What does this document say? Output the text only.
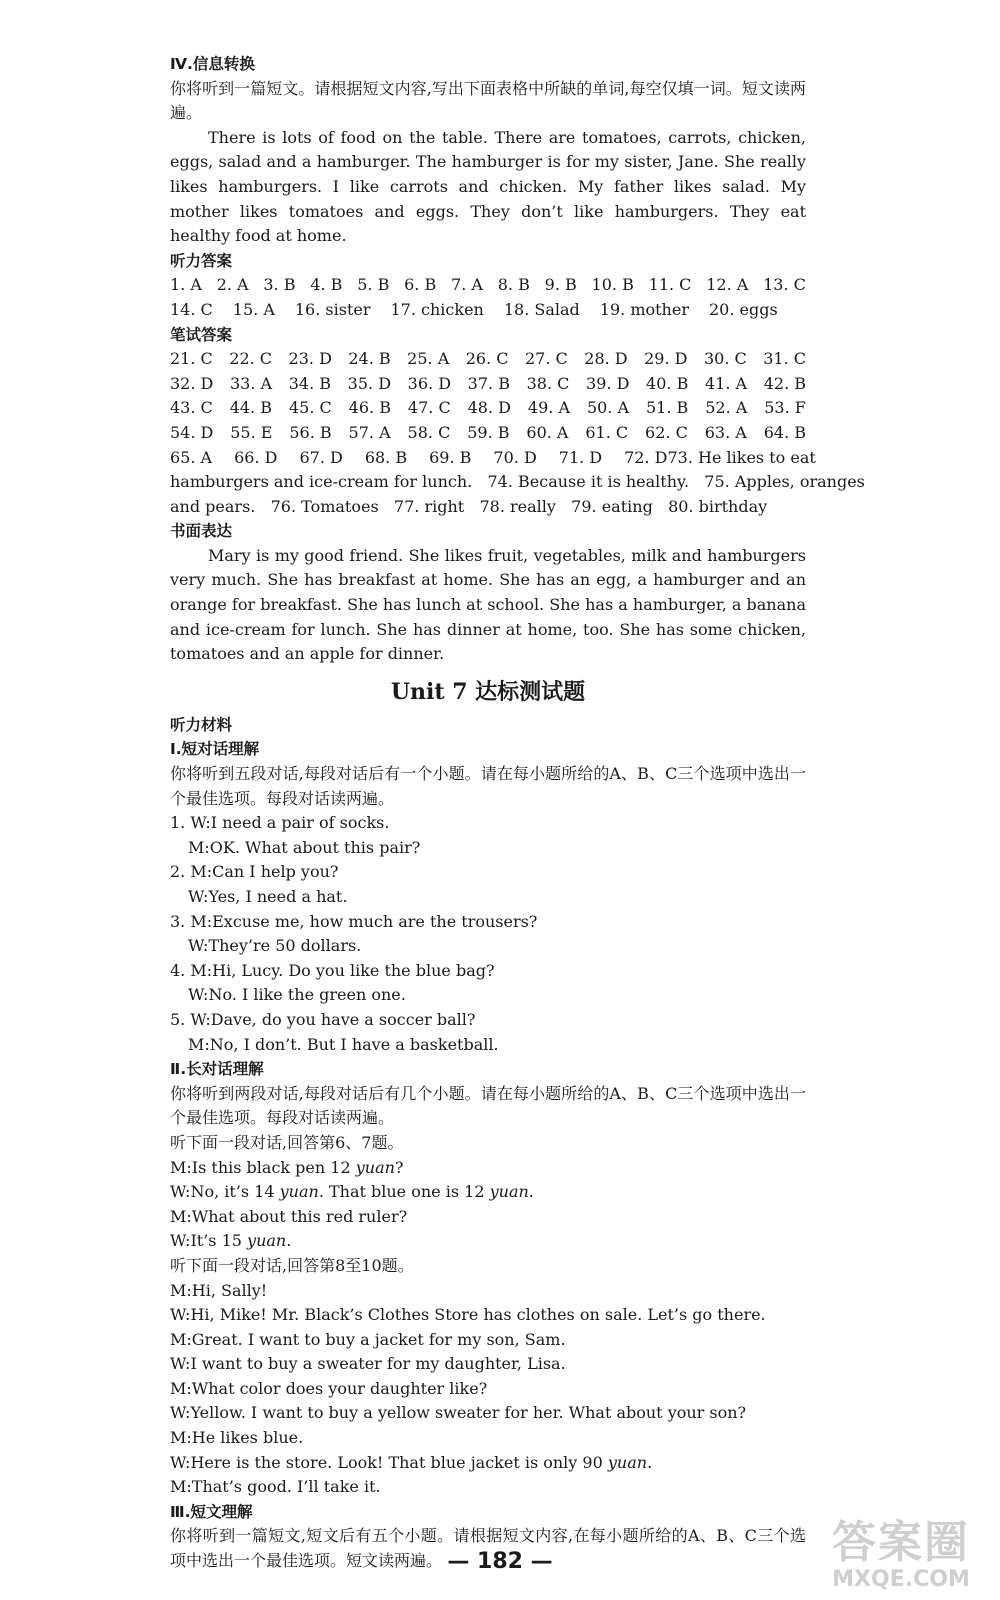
Ⅳ.信息转换

你将听到一篇短文。请根据短文内容,写出下面表格中所缺的单词,每空仅填一词。短文读两遍。

There is lots of food on the table. There are tomatoes, carrots, chicken, eggs, salad and a hamburger. The hamburger is for my sister, Jane. She really likes hamburgers. I like carrots and chicken. My father likes salad. My mother likes tomatoes and eggs. They don’t like hamburgers. They eat healthy food at home.

听力答案
1. A 2. A 3. B 4. B 5. B 6. B 7. A 8. B 9. B 10. B 11. C 12. A 13. C
14. C 15. A 16. sister 17. chicken 18. Salad 19. mother 20. eggs
笔试答案
21. C 22. C 23. D 24. B 25. A 26. C 27. C 28. D 29. D 30. C 31. C
32. D 33. A 34. B 35. D 36. D 37. B 38. C 39. D 40. B 41. A 42. B
43. C 44. B 45. C 46. B 47. C 48. D 49. A 50. A 51. B 52. A 53. F
54. D 55. E 56. B 57. A 58. C 59. B 60. A 61. C 62. C 63. A 64. B
65. A 66. D 67. D 68. B 69. B 70. D 71. D 72. D 73. He likes to eat

hamburgers and ice-cream for lunch.   74. Because it is healthy.   75. Apples, oranges

and pears.   76. Tomatoes   77. right   78. really   79. eating   80. birthday

书面表达

Mary is my good friend. She likes fruit, vegetables, milk and hamburgers very much. She has breakfast at home. She has an egg, a hamburger and an orange for breakfast. She has lunch at school. She has a hamburger, a banana and ice-cream for lunch. She has dinner at home, too. She has some chicken, tomatoes and an apple for dinner.

Unit 7 达标测试题
听力材料
Ⅰ.短对话理解

你将听到五段对话,每段对话后有一个小题。请在每小题所给的A、B、C三个选项中选出一个最佳选项。每段对话读两遍。

1. W:I need a pair of socks.

M:OK. What about this pair?

2. M:Can I help you?

W:Yes, I need a hat.

3. M:Excuse me, how much are the trousers?

W:They’re 50 dollars.

4. M:Hi, Lucy. Do you like the blue bag?

W:No. I like the green one.

5. W:Dave, do you have a soccer ball?

M:No, I don’t. But I have a basketball.

Ⅱ.长对话理解

你将听到两段对话,每段对话后有几个小题。请在每小题所给的A、B、C三个选项中选出一个最佳选项。每段对话读两遍。

听下面一段对话,回答第6、7题。

M:Is this black pen 12 yuan?

W:No, it’s 14 yuan. That blue one is 12 yuan.

M:What about this red ruler?

W:It’s 15 yuan.

听下面一段对话,回答第8至10题。

M:Hi, Sally!

W:Hi, Mike! Mr. Black’s Clothes Store has clothes on sale. Let’s go there.

M:Great. I want to buy a jacket for my son, Sam.

W:I want to buy a sweater for my daughter, Lisa.

M:What color does your daughter like?

W:Yellow. I want to buy a yellow sweater for her. What about your son?

M:He likes blue.

W:Here is the store. Look! That blue jacket is only 90 yuan.

M:That’s good. I’ll take it.

Ⅲ.短文理解

你将听到一篇短文,短文后有五个小题。请根据短文内容,在每小题所给的A、B、C三个选项中选出一个最佳选项。短文读两遍。 — 182 —	答案圈
MXQE.COM
